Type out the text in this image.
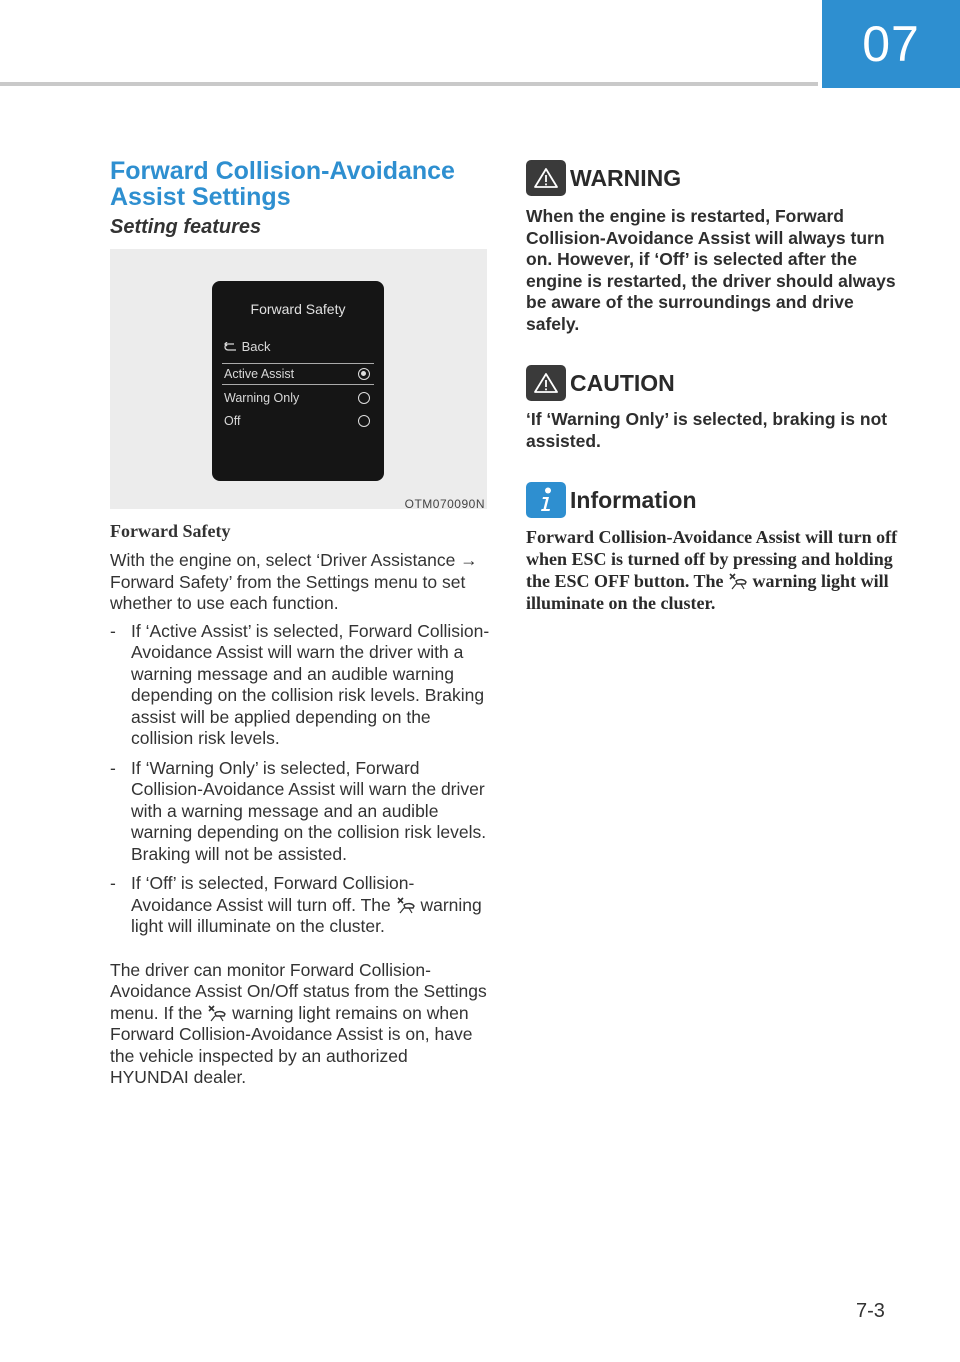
07
Forward Collision-Avoidance
Assist Settings
Setting features
Forward Safety
Back
Active Assist
Warning Only
Off
OTM070090N
Forward Safety
With the engine on, select ‘Driver Assistance → Forward Safety’ from the Settings menu to set whether to use each function.
- If ‘Active Assist’ is selected, Forward Collision-Avoidance Assist will warn the driver with a warning message and an audible warning depending on the collision risk levels. Braking assist will be applied depending on the collision risk levels.
- If ‘Warning Only’ is selected, Forward Collision-Avoidance Assist will warn the driver with a warning message and an audible warning depending on the collision risk levels. Braking will not be assisted.
- If ‘Off’ is selected, Forward Collision-Avoidance Assist will turn off. The warning light will illuminate on the cluster.
The driver can monitor Forward Collision-Avoidance Assist On/Off status from the Settings menu. If the warning light remains on when Forward Collision-Avoidance Assist is on, have the vehicle inspected by an authorized HYUNDAI dealer.
WARNING
When the engine is restarted, Forward Collision-Avoidance Assist will always turn on. However, if ‘Off’ is selected after the engine is restarted, the driver should always be aware of the surroundings and drive safely.
CAUTION
‘If ‘Warning Only’ is selected, braking is not assisted.
Information
Forward Collision-Avoidance Assist will turn off when ESC is turned off by pressing and holding the ESC OFF button. The warning light will illuminate on the cluster.
7-3
